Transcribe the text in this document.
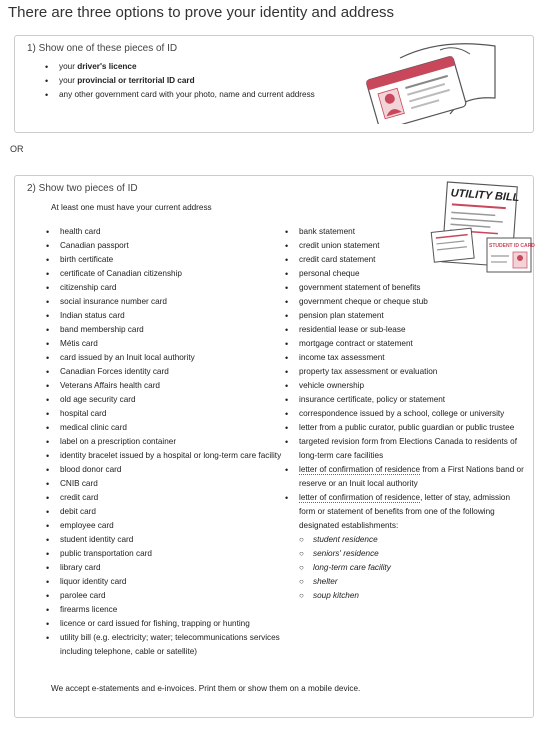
There are three options to prove your identity and address
1) Show one of these pieces of ID
• your driver's licence
• your provincial or territorial ID card
• any other government card with your photo, name and current address
OR
2) Show two pieces of ID
At least one must have your current address
UTILITY BILL
STUDENT ID CARD
• health card
• Canadian passport
• birth certificate
• certificate of Canadian citizenship
• citizenship card
• social insurance number card
• Indian status card
• band membership card
• Métis card
• card issued by an Inuit local authority
• Canadian Forces identity card
• Veterans Affairs health card
• old age security card
• hospital card
• medical clinic card
• label on a prescription container
• identity bracelet issued by a hospital or long-term care facility
• blood donor card
• CNIB card
• credit card
• debit card
• employee card
• student identity card
• public transportation card
• library card
• liquor identity card
• parolee card
• firearms licence
• licence or card issued for fishing, trapping or hunting
• utility bill (e.g. electricity; water; telecommunications services including telephone, cable or satellite)
• bank statement
• credit union statement
• credit card statement
• personal cheque
• government statement of benefits
• government cheque or cheque stub
• pension plan statement
• residential lease or sub-lease
• mortgage contract or statement
• income tax assessment
• property tax assessment or evaluation
• vehicle ownership
• insurance certificate, policy or statement
• correspondence issued by a school, college or university
• letter from a public curator, public guardian or public trustee
• targeted revision form from Elections Canada to residents of long-term care facilities
• letter of confirmation of residence from a First Nations band or reserve or an Inuit local authority
• letter of confirmation of residence, letter of stay, admission form or statement of benefits from one of the following designated establishments:
○ student residence
○ seniors' residence
○ long-term care facility
○ shelter
○ soup kitchen
We accept e-statements and e-invoices. Print them or show them on a mobile device.
